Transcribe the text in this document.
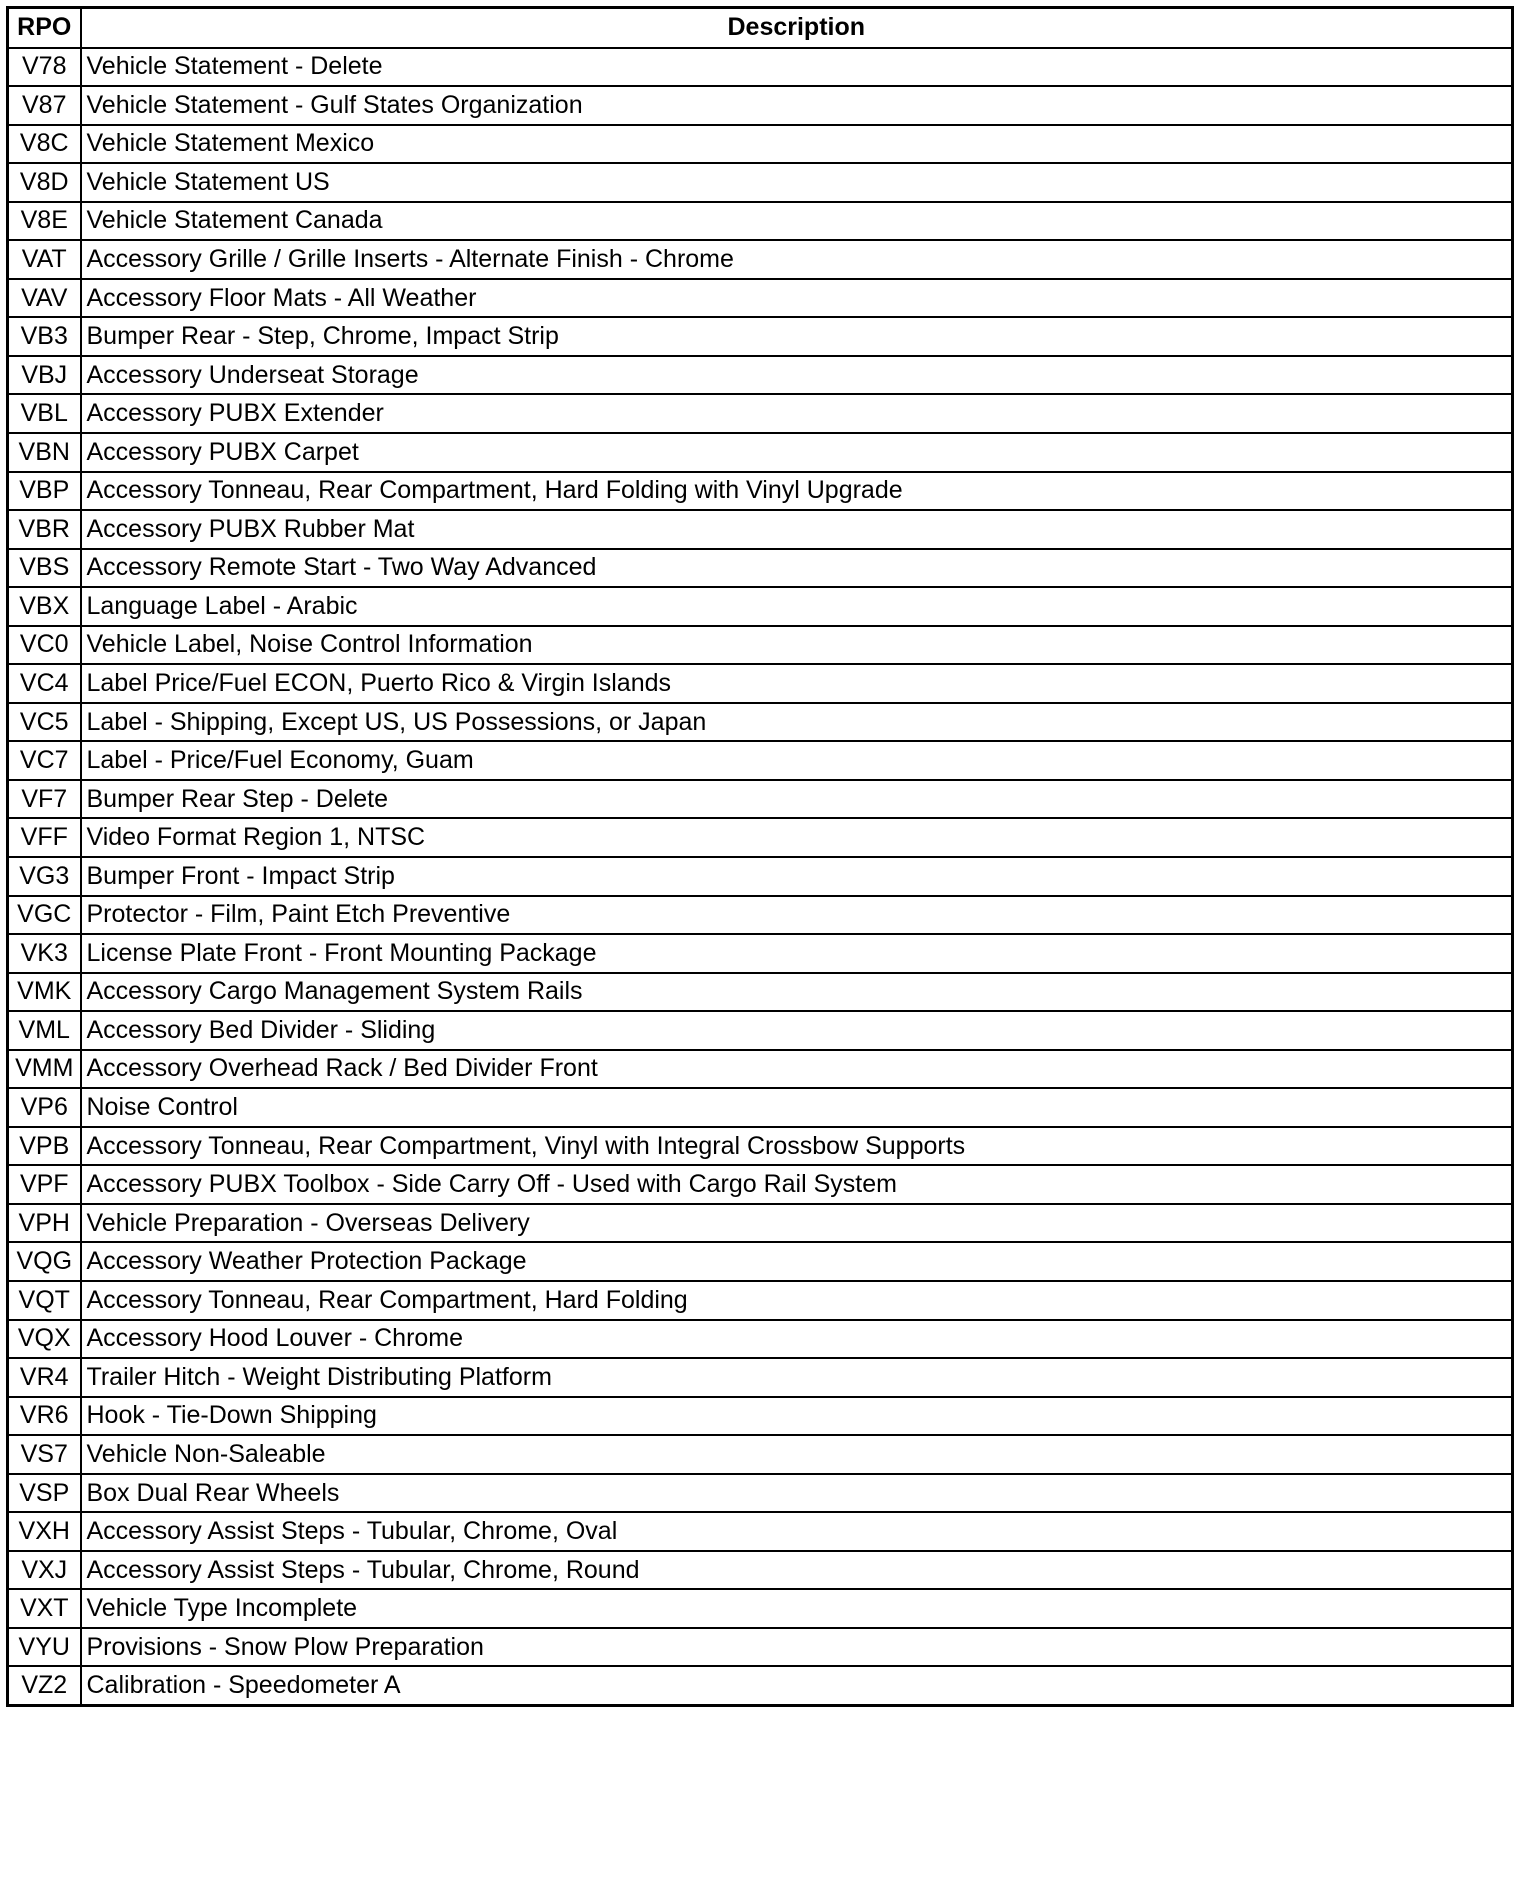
RPO	Description
V78	Vehicle Statement - Delete
V87	Vehicle Statement - Gulf States Organization
V8C	Vehicle Statement Mexico
V8D	Vehicle Statement US
V8E	Vehicle Statement Canada
VAT	Accessory Grille / Grille Inserts - Alternate Finish - Chrome
VAV	Accessory Floor Mats - All Weather
VB3	Bumper Rear - Step, Chrome, Impact Strip
VBJ	Accessory Underseat Storage
VBL	Accessory PUBX Extender
VBN	Accessory PUBX Carpet
VBP	Accessory Tonneau, Rear Compartment, Hard Folding with Vinyl Upgrade
VBR	Accessory PUBX Rubber Mat
VBS	Accessory Remote Start - Two Way Advanced
VBX	Language Label - Arabic
VC0	Vehicle Label, Noise Control Information
VC4	Label Price/Fuel ECON, Puerto Rico & Virgin Islands
VC5	Label - Shipping, Except US, US Possessions, or Japan
VC7	Label - Price/Fuel Economy, Guam
VF7	Bumper Rear Step - Delete
VFF	Video Format Region 1, NTSC
VG3	Bumper Front - Impact Strip
VGC	Protector - Film, Paint Etch Preventive
VK3	License Plate Front - Front Mounting Package
VMK	Accessory Cargo Management System Rails
VML	Accessory Bed Divider - Sliding
VMM	Accessory Overhead Rack / Bed Divider Front
VP6	Noise Control
VPB	Accessory Tonneau, Rear Compartment, Vinyl with Integral Crossbow Supports
VPF	Accessory PUBX Toolbox - Side Carry Off - Used with Cargo Rail System
VPH	Vehicle Preparation - Overseas Delivery
VQG	Accessory Weather Protection Package
VQT	Accessory Tonneau, Rear Compartment, Hard Folding
VQX	Accessory Hood Louver - Chrome
VR4	Trailer Hitch - Weight Distributing Platform
VR6	Hook - Tie-Down Shipping
VS7	Vehicle Non-Saleable
VSP	Box Dual Rear Wheels
VXH	Accessory Assist Steps - Tubular, Chrome, Oval
VXJ	Accessory Assist Steps - Tubular, Chrome, Round
VXT	Vehicle Type Incomplete
VYU	Provisions - Snow Plow Preparation
VZ2	Calibration - Speedometer A
